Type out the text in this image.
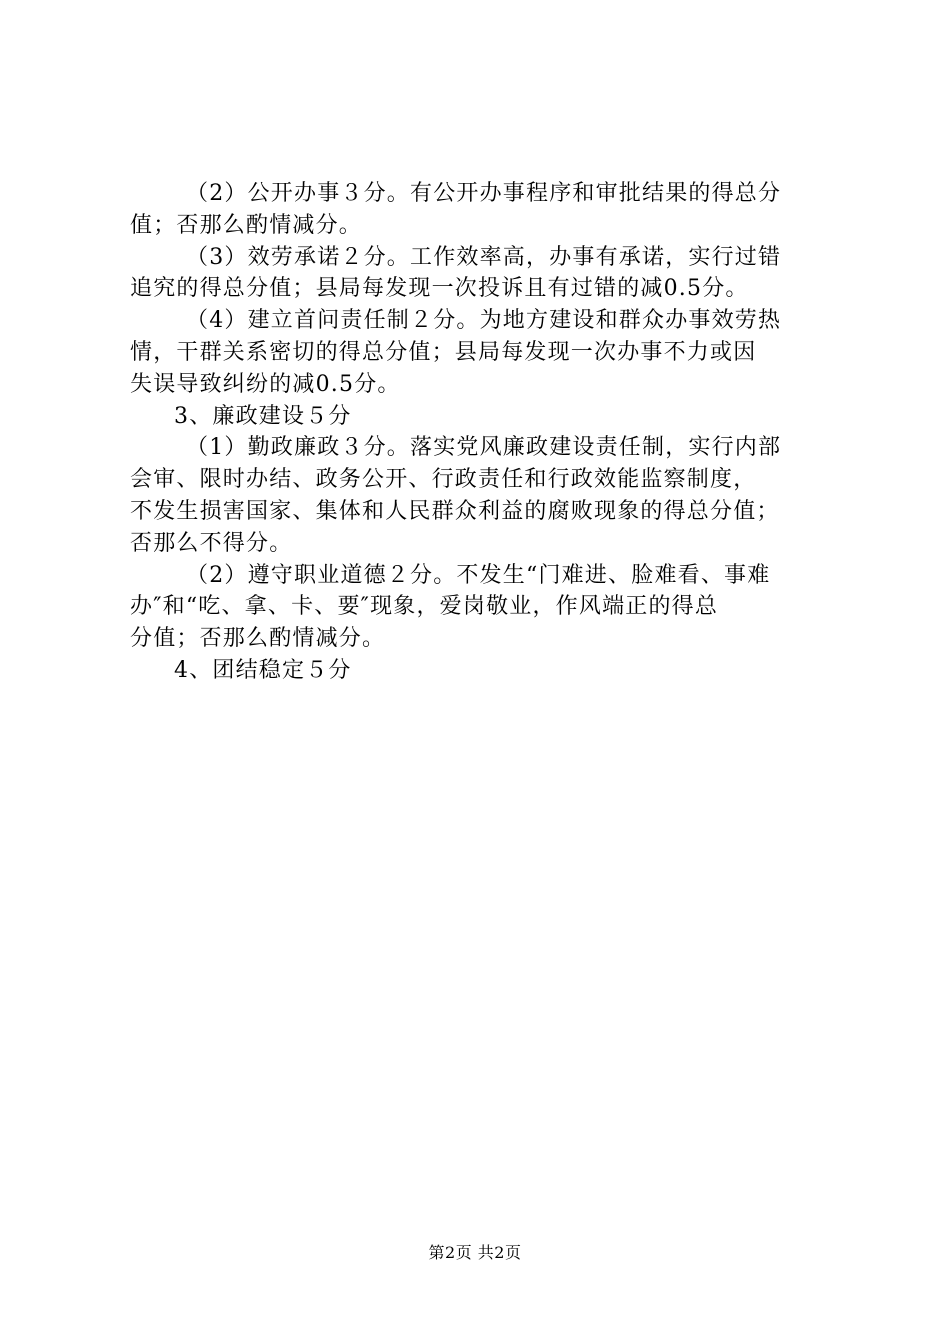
（2）公开办事３分。有公开办事程序和审批结果的得总分
值；否那么酌情减分。
（3）效劳承诺２分。工作效率高，办事有承诺，实行过错
追究的得总分值；县局每发现一次投诉且有过错的减0.5分。
（4）建立首问责任制２分。为地方建设和群众办事效劳热
情，干群关系密切的得总分值；县局每发现一次办事不力或因
失误导致纠纷的减0.5分。
3、廉政建设５分
（1）勤政廉政３分。落实党风廉政建设责任制，实行内部
会审、限时办结、政务公开、行政责任和行政效能监察制度，
不发生损害国家、集体和人民群众利益的腐败现象的得总分值；
否那么不得分。
（2）遵守职业道德２分。不发生“门难进、脸难看、事难
办″和“吃、拿、卡、要″现象，爱岗敬业，作风端正的得总
分值；否那么酌情减分。
4、团结稳定５分
第2页 共2页
